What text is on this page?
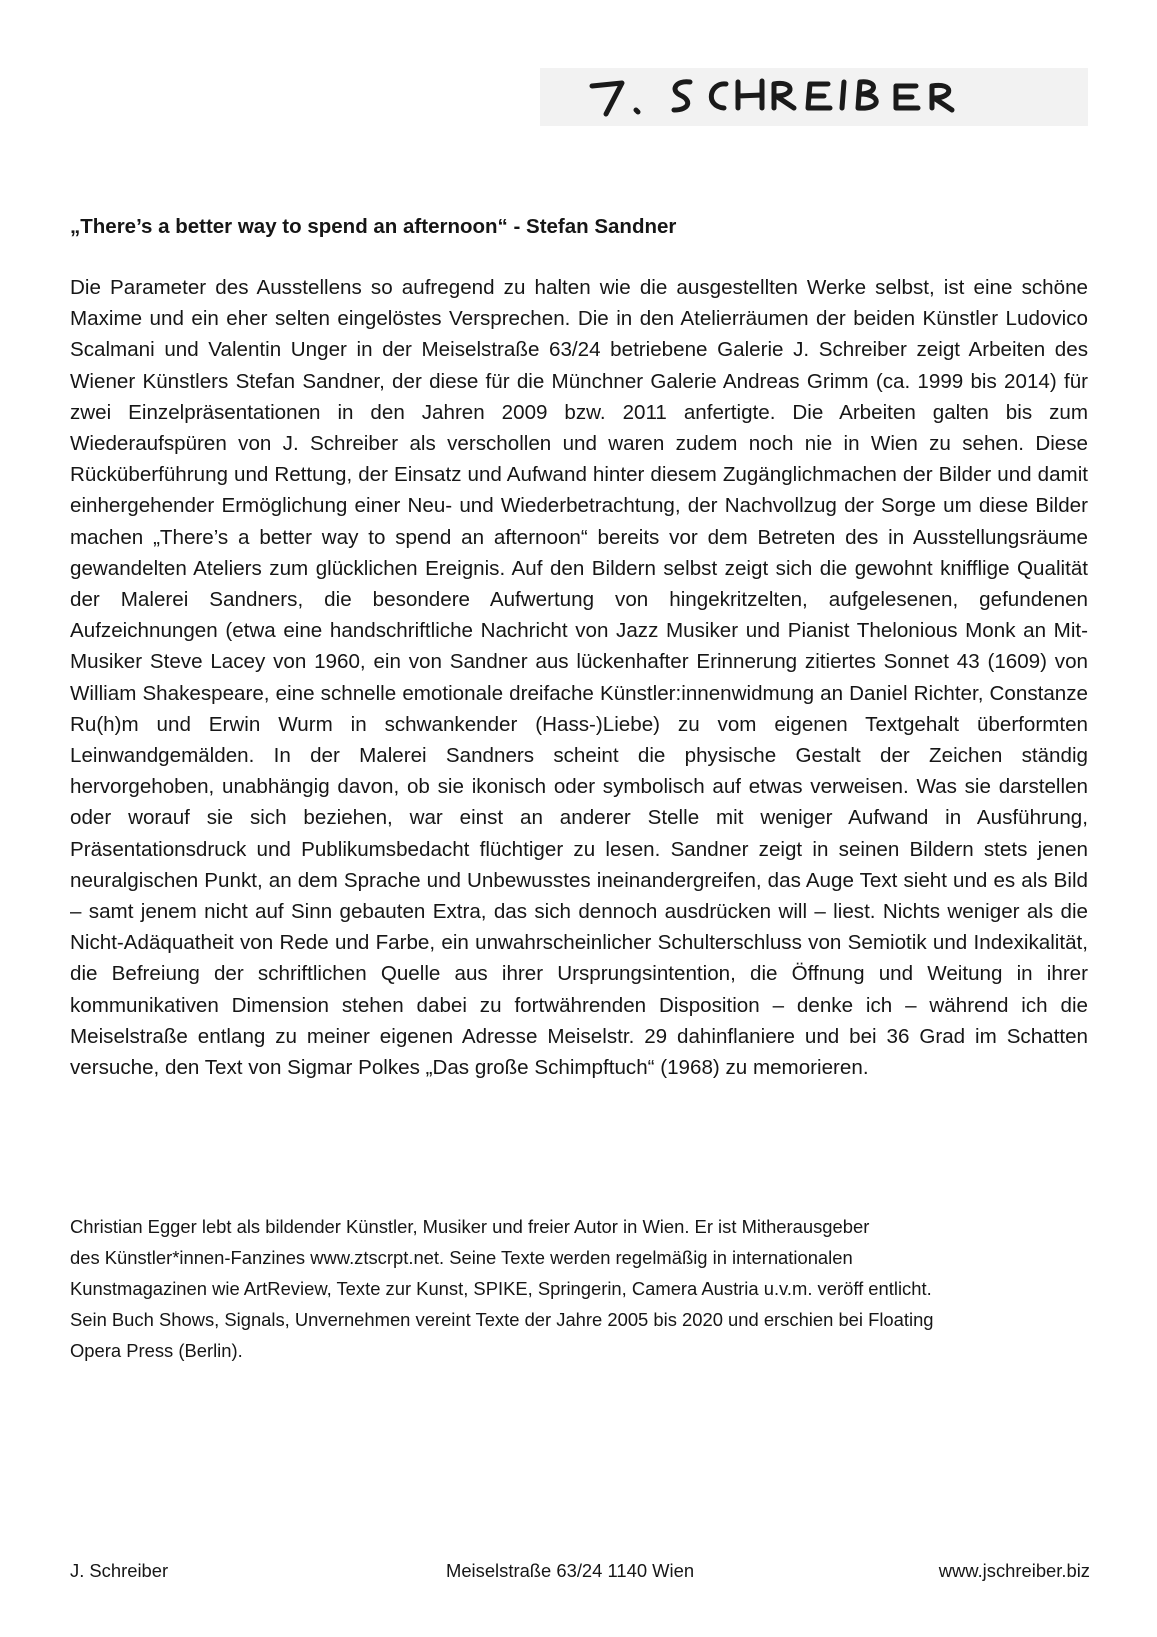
„There’s a better way to spend an afternoon“ - Stefan Sandner

Die Parameter des Ausstellens so aufregend zu halten wie die ausgestellten Werke selbst, ist eine schöne Maxime und ein eher selten eingelöstes Versprechen. Die in den Atelierräumen der beiden Künstler Ludovico Scalmani und Valentin Unger in der Meiselstraße 63/24 betriebene Galerie J. Schreiber zeigt Arbeiten des Wiener Künstlers Stefan Sandner, der diese für die Münchner Galerie Andreas Grimm (ca. 1999 bis 2014) für zwei Einzelpräsentationen in den Jahren 2009 bzw. 2011 anfertigte. Die Arbeiten galten bis zum Wiederaufspüren von J. Schreiber als verschollen und waren zudem noch nie in Wien zu sehen. Diese Rücküberführung und Rettung, der Einsatz und Aufwand hinter diesem Zugänglichmachen der Bilder und damit einhergehender Ermöglichung einer Neu- und Wiederbetrachtung, der Nachvollzug der Sorge um diese Bilder machen „There’s a better way to spend an afternoon“ bereits vor dem Betreten des in Ausstellungsräume gewandelten Ateliers zum glücklichen Ereignis. Auf den Bildern selbst zeigt sich die gewohnt knifflige Qualität der Malerei Sandners, die besondere Aufwertung von hingekritzelten, aufgelesenen, gefundenen Aufzeichnungen (etwa eine handschriftliche Nachricht von Jazz Musiker und Pianist Thelonious Monk an Mit-Musiker Steve Lacey von 1960, ein von Sandner aus lückenhafter Erinnerung zitiertes Sonnet 43 (1609) von William Shakespeare, eine schnelle emotionale dreifache Künstler:innenwidmung an Daniel Richter, Constanze Ru(h)m und Erwin Wurm in schwankender (Hass-)Liebe) zu vom eigenen Textgehalt überformten Leinwandgemälden. In der Malerei Sandners scheint die physische Gestalt der Zeichen ständig hervorgehoben, unabhängig davon, ob sie ikonisch oder symbolisch auf etwas verweisen. Was sie darstellen oder worauf sie sich beziehen, war einst an anderer Stelle mit weniger Aufwand in Ausführung, Präsentationsdruck und Publikumsbedacht flüchtiger zu lesen. Sandner zeigt in seinen Bildern stets jenen neuralgischen Punkt, an dem Sprache und Unbewusstes ineinandergreifen, das Auge Text sieht und es als Bild – samt jenem nicht auf Sinn gebauten Extra, das sich dennoch ausdrücken will – liest. Nichts weniger als die Nicht-Adäquatheit von Rede und Farbe, ein unwahrscheinlicher Schulterschluss von Semiotik und Indexikalität, die Befreiung der schriftlichen Quelle aus ihrer Ursprungsintention, die Öffnung und Weitung in ihrer kommunikativen Dimension stehen dabei zu fortwährenden Disposition – denke ich – während ich die Meiselstraße entlang zu meiner eigenen Adresse Meiselstr. 29 dahinflaniere und bei 36 Grad im Schatten versuche, den Text von Sigmar Polkes „Das große Schimpftuch“ (1968) zu memorieren.

Christian Egger lebt als bildender Künstler, Musiker und freier Autor in Wien. Er ist Mitherausgeber
des Künstler*innen-Fanzines www.ztscrpt.net. Seine Texte werden regelmäßig in internationalen
Kunstmagazinen wie ArtReview, Texte zur Kunst, SPIKE, Springerin, Camera Austria u.v.m. veröff entlicht.
Sein Buch Shows, Signals, Unvernehmen vereint Texte der Jahre 2005 bis 2020 und erschien bei Floating
Opera Press (Berlin).
J. Schreiber	Meiselstraße 63/24 1140 Wien	www.jschreiber.biz
